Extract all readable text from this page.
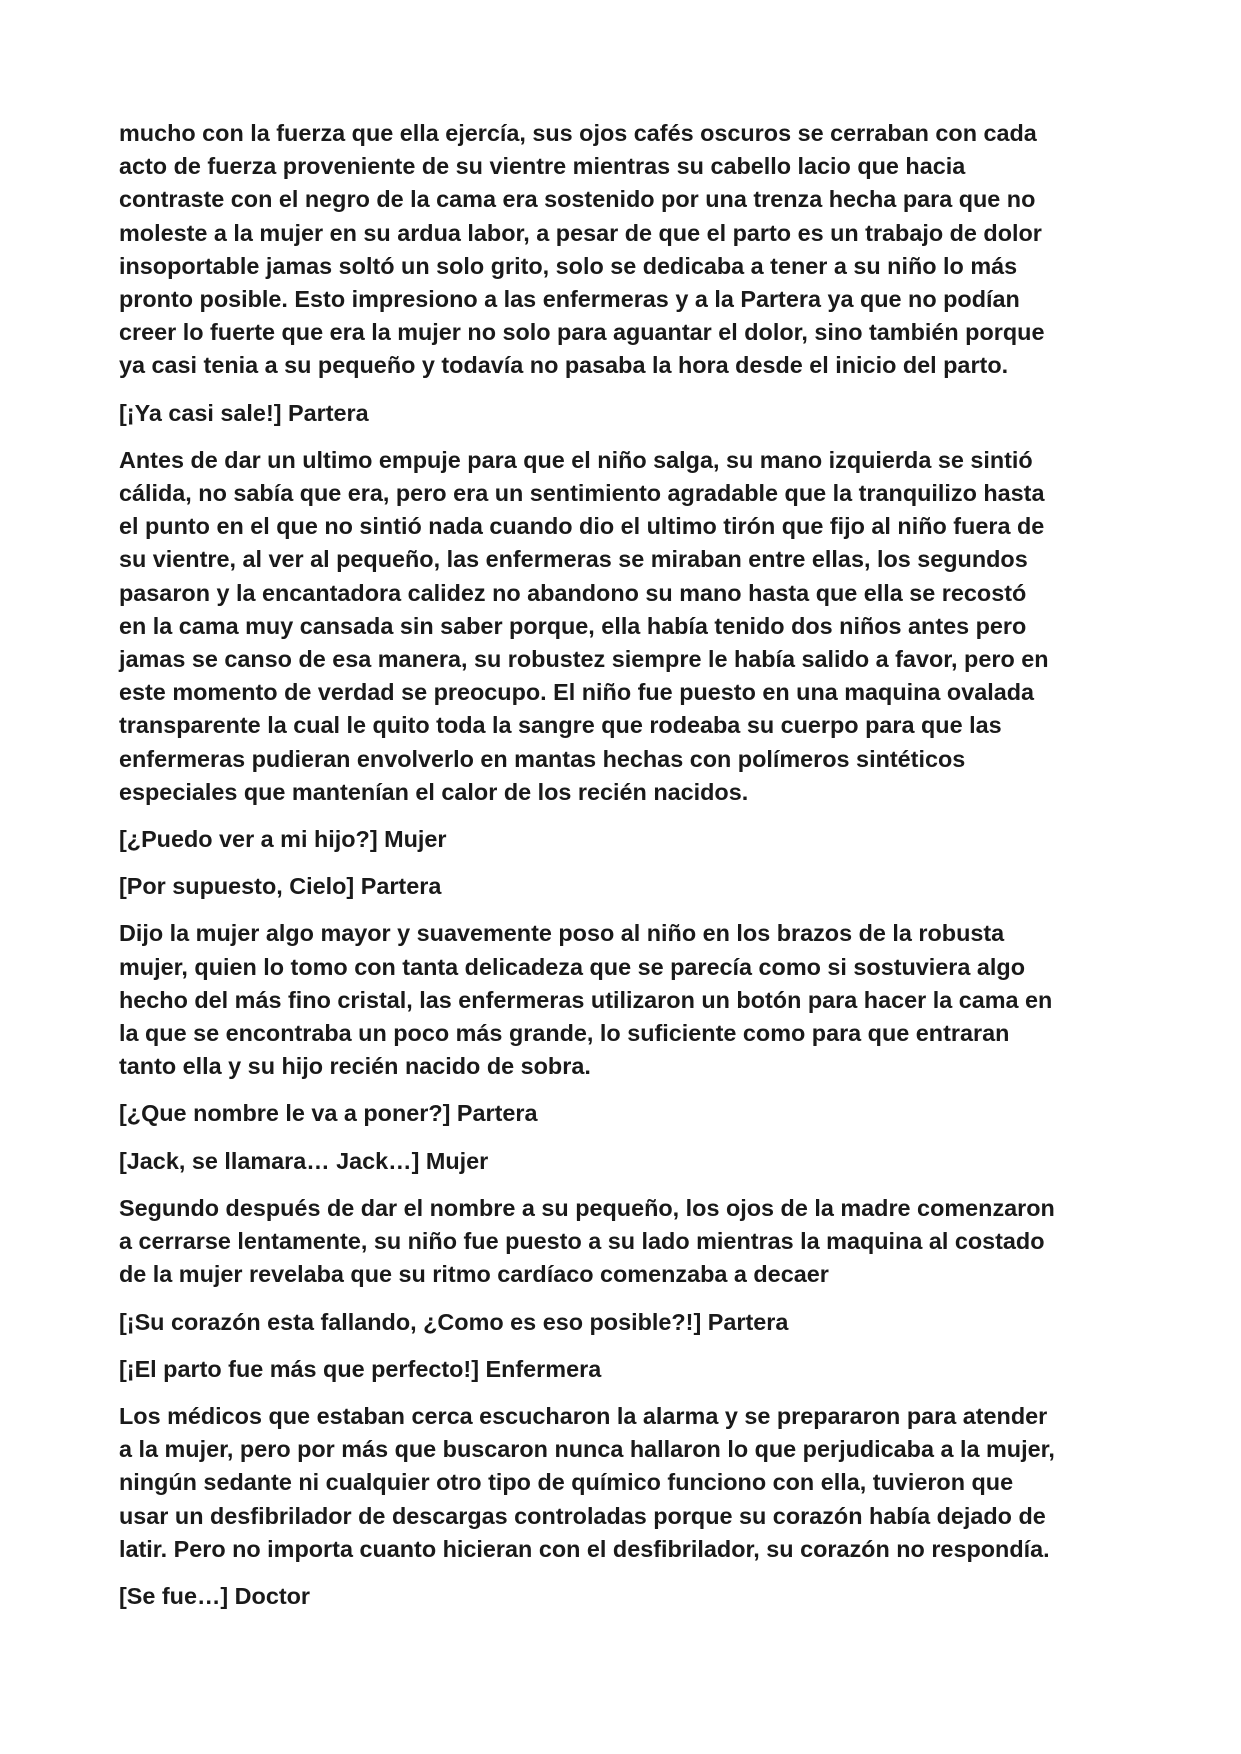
mucho con la fuerza que ella ejercía, sus ojos cafés oscuros se cerraban con cada
acto de fuerza proveniente de su vientre mientras su cabello lacio que hacia
contraste con el negro de la cama era sostenido por una trenza hecha para que no
moleste a la mujer en su ardua labor, a pesar de que el parto es un trabajo de dolor
insoportable jamas soltó un solo grito, solo se dedicaba a tener a su niño lo más
pronto posible. Esto impresiono a las enfermeras y a la Partera ya que no podían
creer lo fuerte que era la mujer no solo para aguantar el dolor, sino también porque
ya casi tenia a su pequeño y todavía no pasaba la hora desde el inicio del parto.

[¡Ya casi sale!] Partera

Antes de dar un ultimo empuje para que el niño salga, su mano izquierda se sintió
cálida, no sabía que era, pero era un sentimiento agradable que la tranquilizo hasta
el punto en el que no sintió nada cuando dio el ultimo tirón que fijo al niño fuera de
su vientre, al ver al pequeño, las enfermeras se miraban entre ellas, los segundos
pasaron y la encantadora calidez no abandono su mano hasta que ella se recostó
en la cama muy cansada sin saber porque, ella había tenido dos niños antes pero
jamas se canso de esa manera, su robustez siempre le había salido a favor, pero en
este momento de verdad se preocupo. El niño fue puesto en una maquina ovalada
transparente la cual le quito toda la sangre que rodeaba su cuerpo para que las
enfermeras pudieran envolverlo en mantas hechas con polímeros sintéticos
especiales que mantenían el calor de los recién nacidos.

[¿Puedo ver a mi hijo?] Mujer

[Por supuesto, Cielo] Partera

Dijo la mujer algo mayor y suavemente poso al niño en los brazos de la robusta
mujer, quien lo tomo con tanta delicadeza que se parecía como si sostuviera algo
hecho del más fino cristal, las enfermeras utilizaron un botón para hacer la cama en
la que se encontraba un poco más grande, lo suficiente como para que entraran
tanto ella y su hijo recién nacido de sobra.

[¿Que nombre le va a poner?] Partera

[Jack, se llamara… Jack…] Mujer

Segundo después de dar el nombre a su pequeño, los ojos de la madre comenzaron
a cerrarse lentamente, su niño fue puesto a su lado mientras la maquina al costado
de la mujer revelaba que su ritmo cardíaco comenzaba a decaer

[¡Su corazón esta fallando, ¿Como es eso posible?!] Partera

[¡El parto fue más que perfecto!] Enfermera

Los médicos que estaban cerca escucharon la alarma y se prepararon para atender
a la mujer, pero por más que buscaron nunca hallaron lo que perjudicaba a la mujer,
ningún sedante ni cualquier otro tipo de químico funciono con ella, tuvieron que
usar un desfibrilador de descargas controladas porque su corazón había dejado de
latir. Pero no importa cuanto hicieran con el desfibrilador, su corazón no respondía.

[Se fue…] Doctor
